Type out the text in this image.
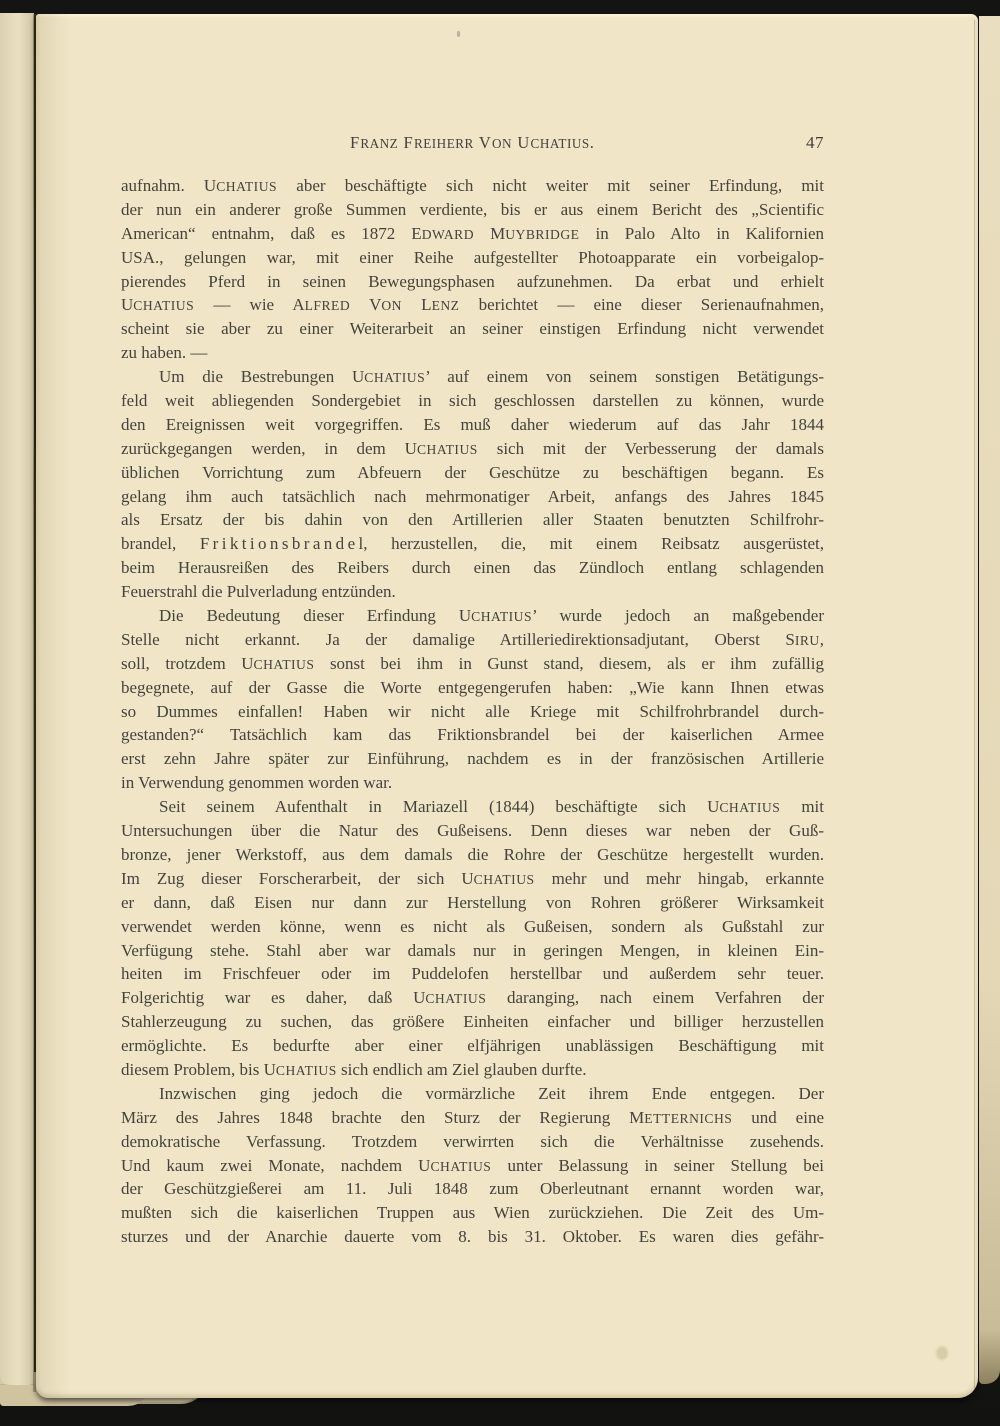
FRANZ FREIHERR VON UCHATIUS.	47
aufnahm. UCHATIUS aber beschäftigte sich nicht weiter mit seiner Erfindung, mit
der nun ein anderer große Summen verdiente, bis er aus einem Bericht des „Scientific
American“ entnahm, daß es 1872 EDWARD MUYBRIDGE in Palo Alto in Kalifornien
USA., gelungen war, mit einer Reihe aufgestellter Photoapparate ein vorbeigalop-
pierendes Pferd in seinen Bewegungsphasen aufzunehmen. Da erbat und erhielt
UCHATIUS — wie ALFRED VON LENZ berichtet — eine dieser Serienaufnahmen,
scheint sie aber zu einer Weiterarbeit an seiner einstigen Erfindung nicht verwendet
zu haben. —
Um die Bestrebungen UCHATIUS’ auf einem von seinem sonstigen Betätigungs-
feld weit abliegenden Sondergebiet in sich geschlossen darstellen zu können, wurde
den Ereignissen weit vorgegriffen. Es muß daher wiederum auf das Jahr 1844
zurückgegangen werden, in dem UCHATIUS sich mit der Verbesserung der damals
üblichen Vorrichtung zum Abfeuern der Geschütze zu beschäftigen begann. Es
gelang ihm auch tatsächlich nach mehrmonatiger Arbeit, anfangs des Jahres 1845
als Ersatz der bis dahin von den Artillerien aller Staaten benutzten Schilfrohr-
brandel, F r i k t i o n s b r a n d e l, herzustellen, die, mit einem Reibsatz ausgerüstet,
beim Herausreißen des Reibers durch einen das Zündloch entlang schlagenden
Feuerstrahl die Pulverladung entzünden.
Die Bedeutung dieser Erfindung UCHATIUS’ wurde jedoch an maßgebender
Stelle nicht erkannt. Ja der damalige Artilleriedirektionsadjutant, Oberst SIRU,
soll, trotzdem UCHATIUS sonst bei ihm in Gunst stand, diesem, als er ihm zufällig
begegnete, auf der Gasse die Worte entgegengerufen haben: „Wie kann Ihnen etwas
so Dummes einfallen! Haben wir nicht alle Kriege mit Schilfrohrbrandel durch-
gestanden?“ Tatsächlich kam das Friktionsbrandel bei der kaiserlichen Armee
erst zehn Jahre später zur Einführung, nachdem es in der französischen Artillerie
in Verwendung genommen worden war.
Seit seinem Aufenthalt in Mariazell (1844) beschäftigte sich UCHATIUS mit
Untersuchungen über die Natur des Gußeisens. Denn dieses war neben der Guß-
bronze, jener Werkstoff, aus dem damals die Rohre der Geschütze hergestellt wurden.
Im Zug dieser Forscherarbeit, der sich UCHATIUS mehr und mehr hingab, erkannte
er dann, daß Eisen nur dann zur Herstellung von Rohren größerer Wirksamkeit
verwendet werden könne, wenn es nicht als Gußeisen, sondern als Gußstahl zur
Verfügung stehe. Stahl aber war damals nur in geringen Mengen, in kleinen Ein-
heiten im Frischfeuer oder im Puddelofen herstellbar und außerdem sehr teuer.
Folgerichtig war es daher, daß UCHATIUS daranging, nach einem Verfahren der
Stahlerzeugung zu suchen, das größere Einheiten einfacher und billiger herzustellen
ermöglichte. Es bedurfte aber einer elfjährigen unablässigen Beschäftigung mit
diesem Problem, bis UCHATIUS sich endlich am Ziel glauben durfte.
Inzwischen ging jedoch die vormärzliche Zeit ihrem Ende entgegen. Der
März des Jahres 1848 brachte den Sturz der Regierung METTERNICHS und eine
demokratische Verfassung. Trotzdem verwirrten sich die Verhältnisse zusehends.
Und kaum zwei Monate, nachdem UCHATIUS unter Belassung in seiner Stellung bei
der Geschützgießerei am 11. Juli 1848 zum Oberleutnant ernannt worden war,
mußten sich die kaiserlichen Truppen aus Wien zurückziehen. Die Zeit des Um-
sturzes und der Anarchie dauerte vom 8. bis 31. Oktober. Es waren dies gefähr-
